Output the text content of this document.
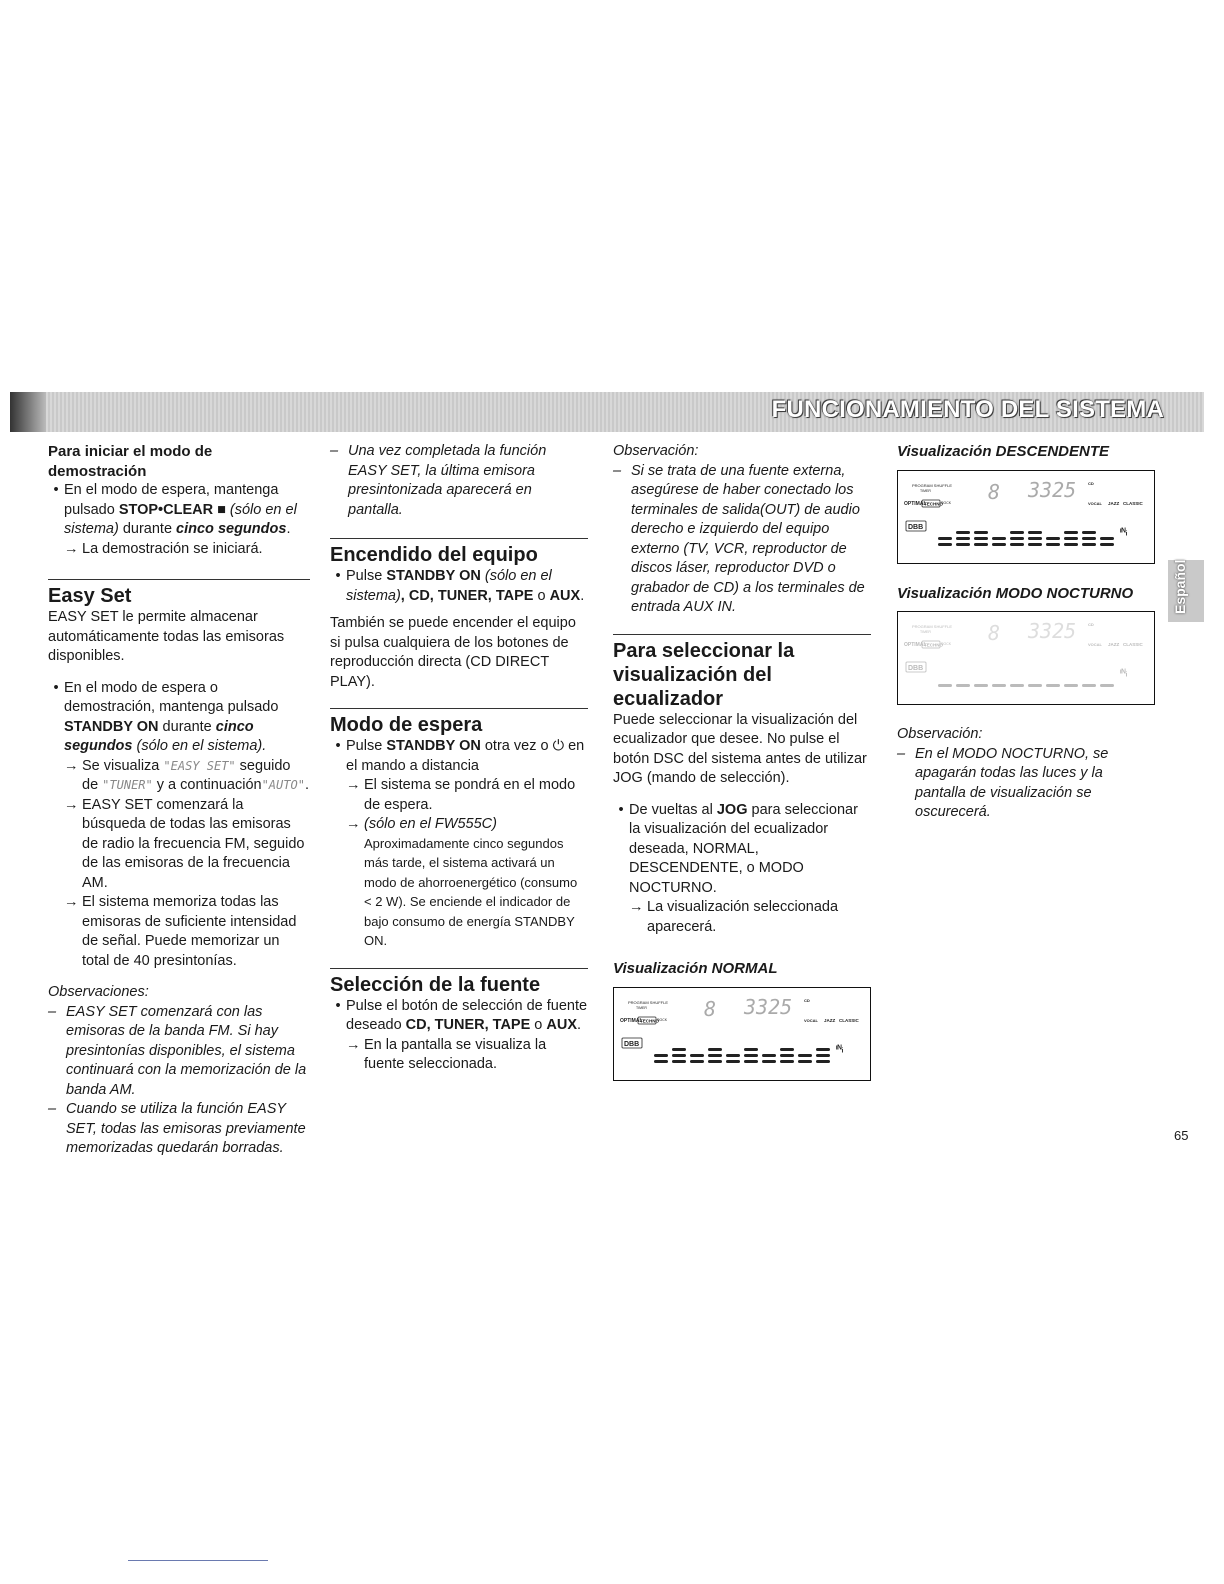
FUNCIONAMIENTO DEL SISTEMA
Español

Para iniciar el modo de demostración

• En el modo de espera, mantenga pulsado STOP•CLEAR ■ (sólo en el sistema) durante cinco segundos.
→ La demostración se iniciará.
Easy Set

EASY SET le permite almacenar automáticamente todas las emisoras disponibles.

• En el modo de espera o demostración, mantenga pulsado STANDBY ON durante cinco segundos (sólo en el sistema).
→ Se visualiza "EASY SET" seguido de "TUNER" y a continuación"AUTO".
→ EASY SET comenzará la búsqueda de todas las emisoras de radio la frecuencia FM, seguido de las emisoras de la frecuencia AM.
→ El sistema memoriza todas las emisoras de suficiente intensidad de señal. Puede memorizar un total de 40 presintonías.

Observaciones:

– EASY SET comenzará con las emisoras de la banda FM. Si hay presintonías disponibles, el sistema continuará con la memorización de la banda AM.
– Cuando se utiliza la función EASY SET, todas las emisoras previamente memorizadas quedarán borradas.
– Una vez completada la función EASY SET, la última emisora presintonizada aparecerá en pantalla.
Encendido del equipo
• Pulse STANDBY ON (sólo en el sistema), CD, TUNER, TAPE o AUX.

También se puede encender el equipo si pulsa cualquiera de los botones de reproducción directa (CD DIRECT PLAY).

Modo de espera
• Pulse STANDBY ON otra vez o ⏻ en el mando a distancia
→ El sistema se pondrá en el modo de espera.
→ (sólo en el FW555C)
Aproximadamente cinco segundos más tarde, el sistema activará un modo de ahorroenergético (consumo < 2 W). Se enciende el indicador de bajo consumo de energía STANDBY ON.
Selección de la fuente
• Pulse el botón de selección de fuente deseado CD, TUNER, TAPE o AUX.
→ En la pantalla se visualiza la fuente seleccionada.

Observación:

– Si se trata de una fuente externa, asegúrese de haber conectado los terminales de salida(OUT) de audio derecho e izquierdo del equipo externo (TV, VCR, reproductor de discos láser, reproductor DVD o grabador de CD) a los terminales de entrada AUX IN.
Para seleccionar la visualización del ecualizador

Puede seleccionar la visualización del ecualizador que desee. No pulse el botón DSC del sistema antes de utilizar JOG (mando de selección).

• De vueltas al JOG para seleccionar la visualización del ecualizador deseada, NORMAL, DESCENDENTE, o MODO NOCTURNO.
→ La visualización seleccionada aparecerá.

Visualización NORMAL

PROGRAM SHUFFLE
TIMER	8 3325	CD
OPTIMAL
TECHNO
ROCK	VOCAL JAZZ CLASSIC
DBB	ᶦᴺᵢ

Visualización DESCENDENTE

PROGRAM SHUFFLE
TIMER	8 3325	CD
OPTIMAL
TECHNO
ROCK	VOCAL JAZZ CLASSIC
DBB	ᶦᴺᵢ

Visualización MODO NOCTURNO

PROGRAM SHUFFLE
TIMER	8 3325	CD
OPTIMAL
TECHNO
ROCK	VOCAL JAZZ CLASSIC
DBB	ᶦᴺᵢ

Observación:

– En el MODO NOCTURNO, se apagarán todas las luces y la pantalla de visualización se oscurecerá.
65
